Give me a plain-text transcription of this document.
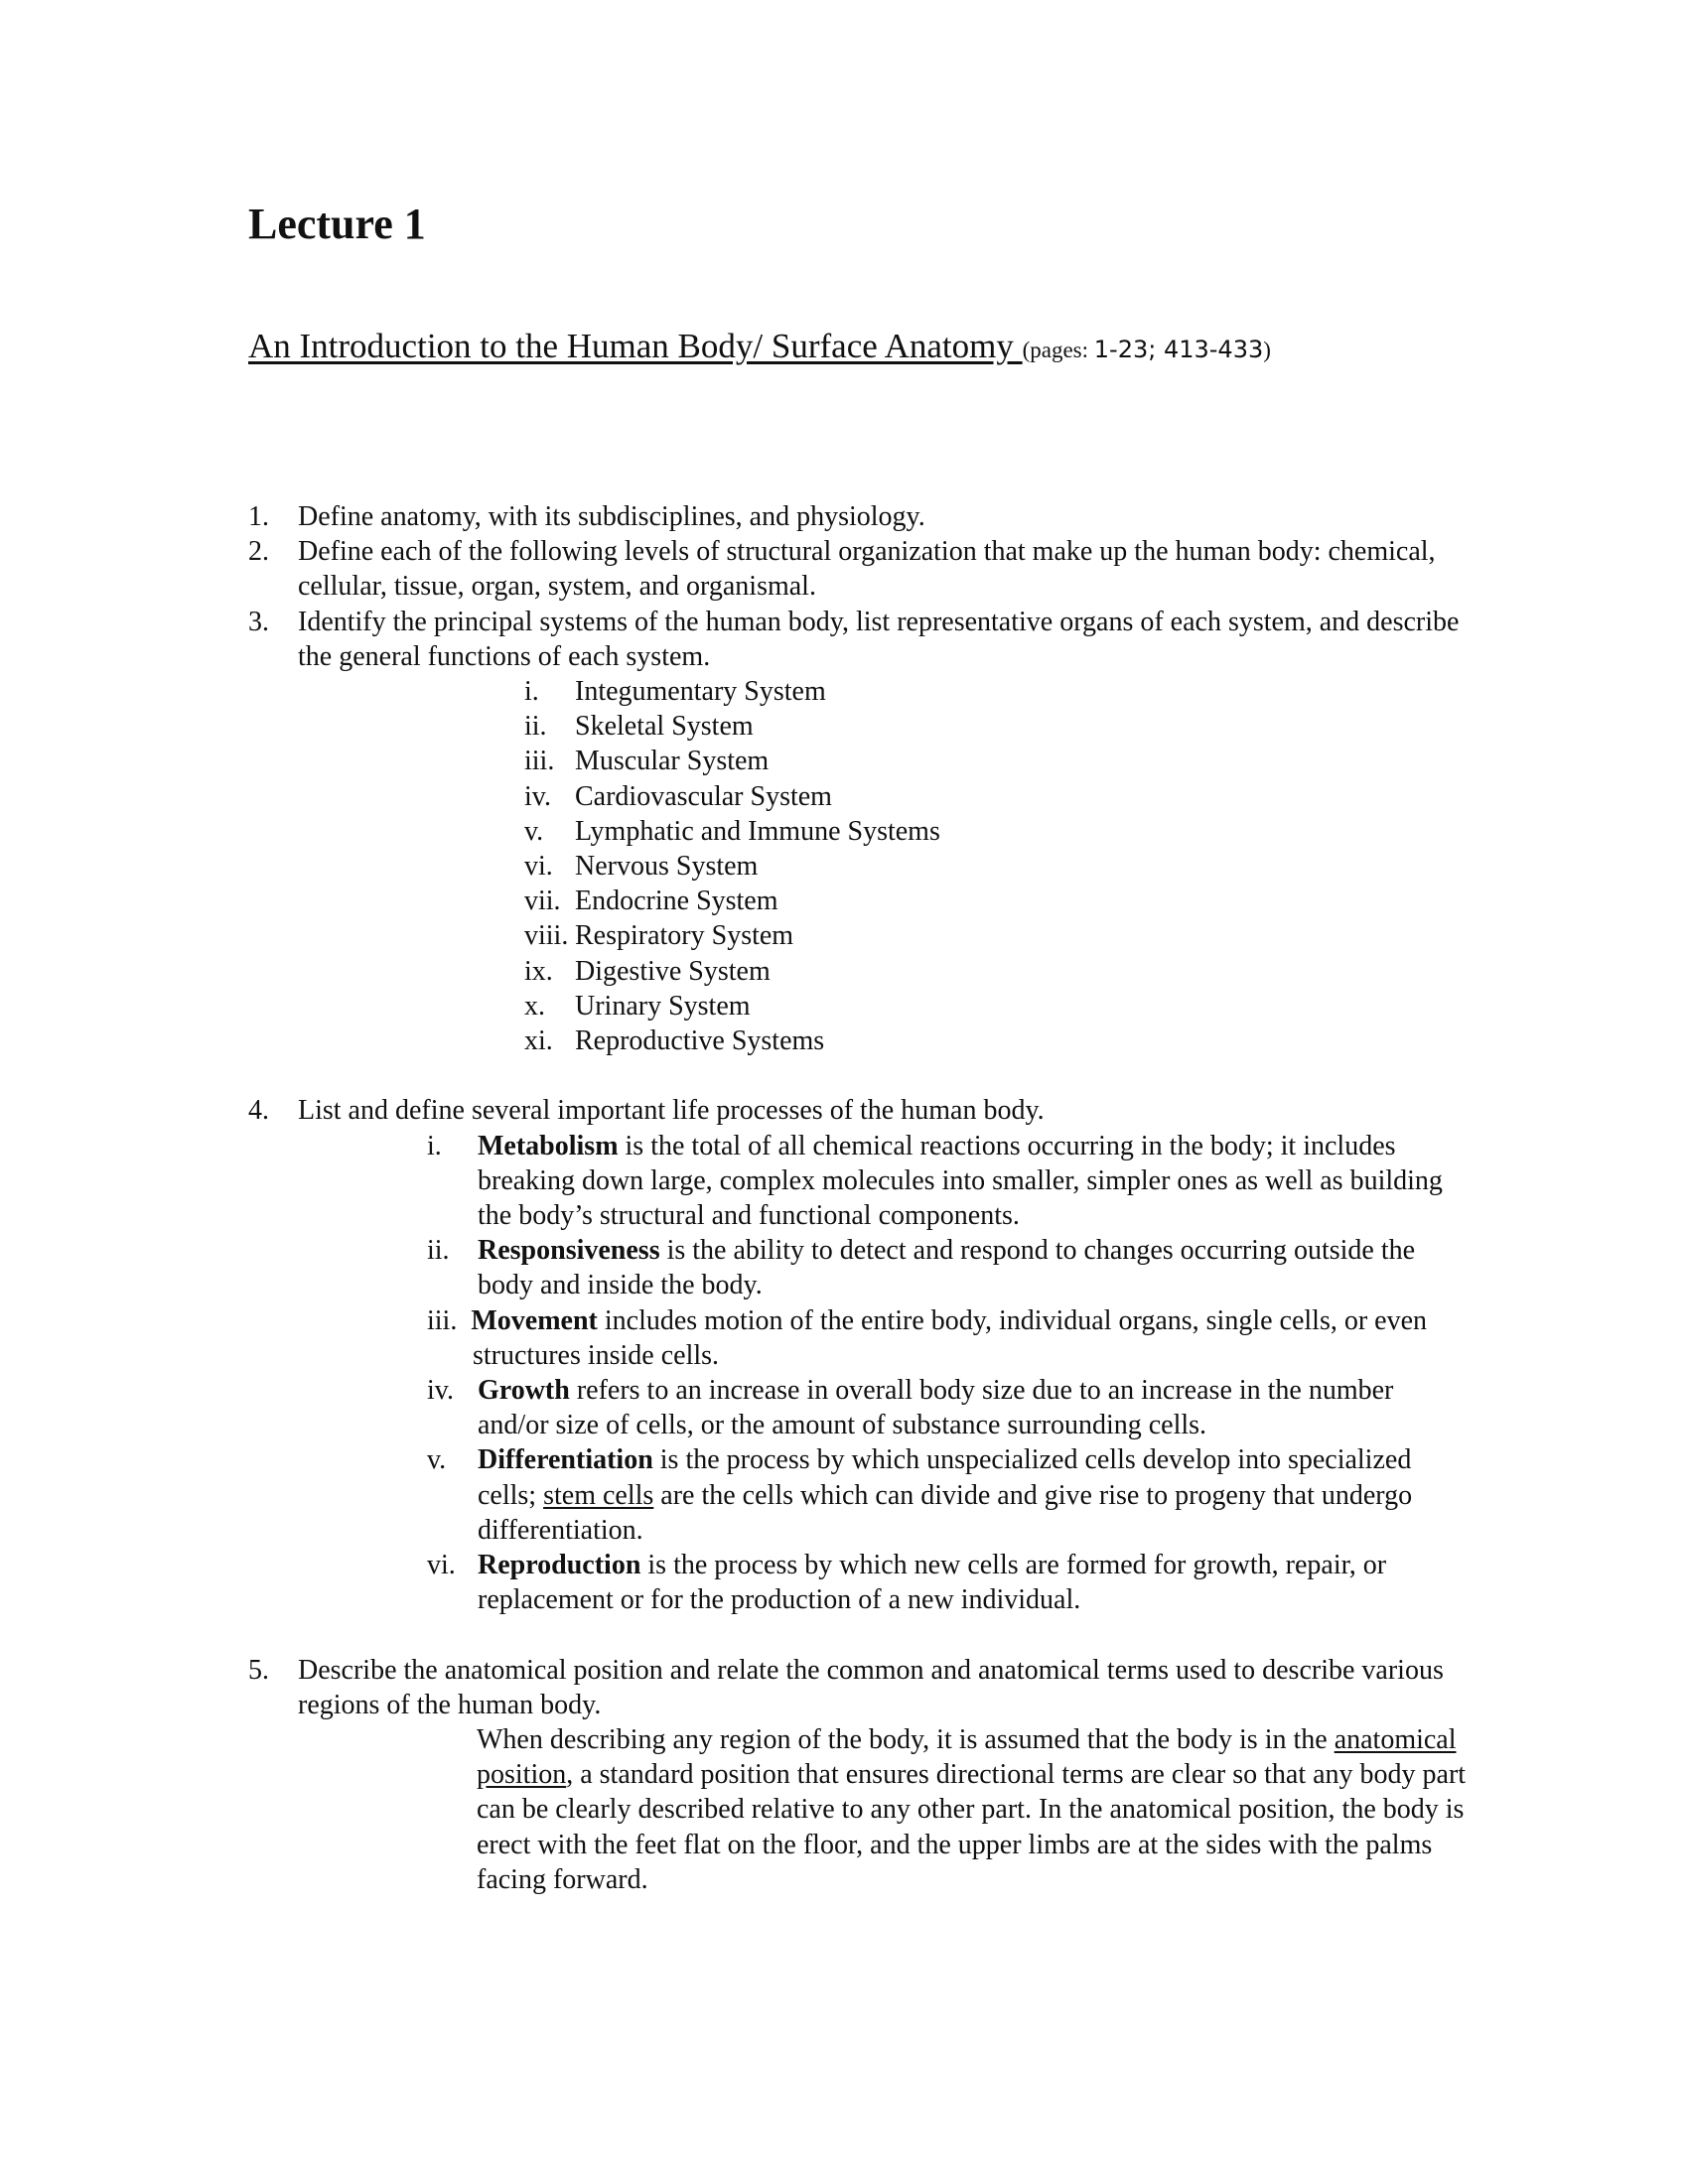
Lecture 1
An Introduction to the Human Body/ Surface Anatomy (pages: 1-23; 413-433)
1.	Define anatomy, with its subdisciplines, and physiology.
2.	Define each of the following levels of structural organization that make up the human body: chemical, cellular, tissue, organ, system, and organismal.
3.	Identify the principal systems of the human body, list representative organs of each system, and describe the general functions of each system.
i. Integumentary System
ii. Skeletal System
iii. Muscular System
iv. Cardiovascular System
v. Lymphatic and Immune Systems
vi. Nervous System
vii. Endocrine System
viii. Respiratory System
ix. Digestive System
x. Urinary System
xi. Reproductive Systems
4.	List and define several important life processes of the human body.
i. Metabolism is the total of all chemical reactions occurring in the body; it includes breaking down large, complex molecules into smaller, simpler ones as well as building the body’s structural and functional components.
ii. Responsiveness is the ability to detect and respond to changes occurring outside the body and inside the body.
iii. Movement includes motion of the entire body, individual organs, single cells, or even
structures inside cells.
iv. Growth refers to an increase in overall body size due to an increase in the number and/or size of cells, or the amount of substance surrounding cells.
v. Differentiation is the process by which unspecialized cells develop into specialized cells; stem cells are the cells which can divide and give rise to progeny that undergo differentiation.
vi. Reproduction is the process by which new cells are formed for growth, repair, or replacement or for the production of a new individual.
5.	Describe the anatomical position and relate the common and anatomical terms used to describe various regions of the human body.
When describing any region of the body, it is assumed that the body is in the anatomical position, a standard position that ensures directional terms are clear so that any body part can be clearly described relative to any other part. In the anatomical position, the body is erect with the feet flat on the floor, and the upper limbs are at the sides with the palms facing forward.
